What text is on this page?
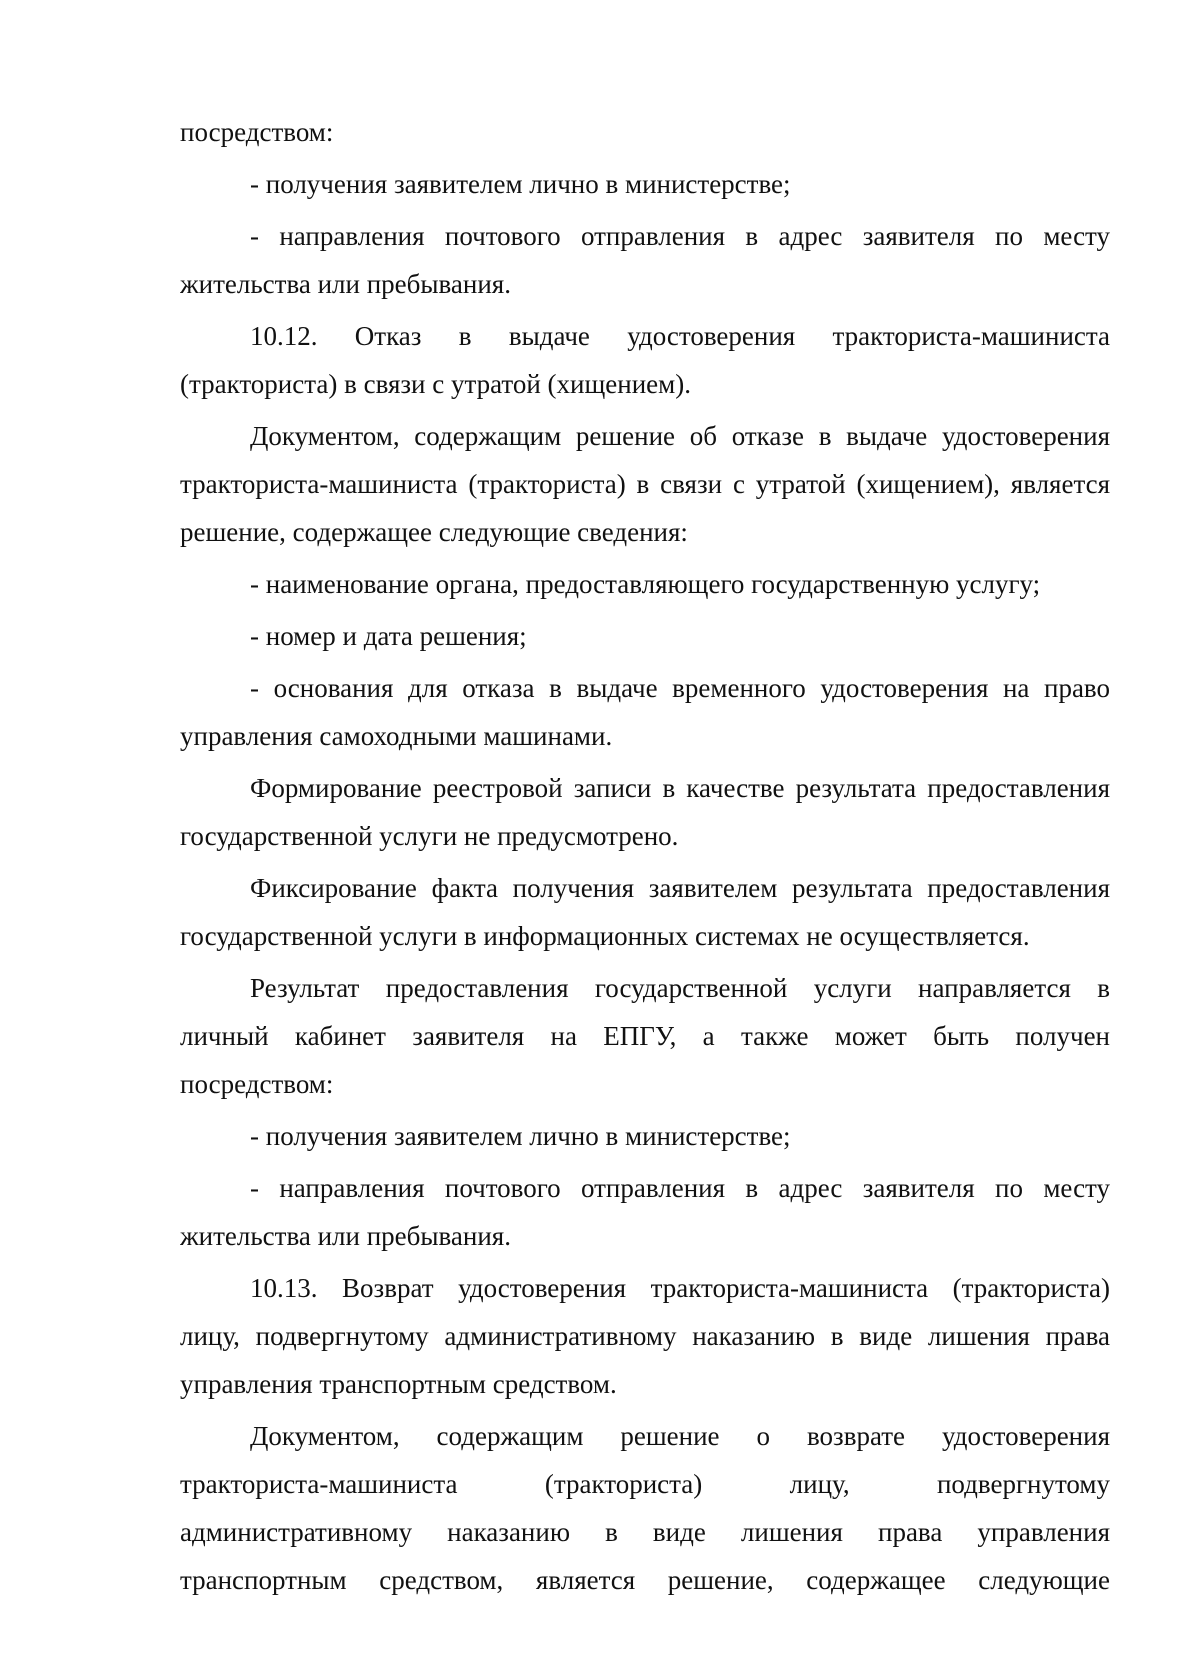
посредством:
- получения заявителем лично в министерстве;
- направления почтового отправления в адрес заявителя по месту
жительства или пребывания.
10.12. Отказ в выдаче удостоверения тракториста-машиниста
(тракториста) в связи с утратой (хищением).
Документом, содержащим решение об отказе в выдаче удостоверения
тракториста-машиниста (тракториста) в связи с утратой (хищением), является
решение, содержащее следующие сведения:
- наименование органа, предоставляющего государственную услугу;
- номер и дата решения;
- основания для отказа в выдаче временного удостоверения на право
управления самоходными машинами.
Формирование реестровой записи в качестве результата предоставления
государственной услуги не предусмотрено.
Фиксирование факта получения заявителем результата предоставления
государственной услуги в информационных системах не осуществляется.
Результат предоставления государственной услуги направляется в
личный кабинет заявителя на ЕПГУ, а также может быть получен
посредством:
- получения заявителем лично в министерстве;
- направления почтового отправления в адрес заявителя по месту
жительства или пребывания.
10.13. Возврат удостоверения тракториста-машиниста (тракториста)
лицу, подвергнутому административному наказанию в виде лишения права
управления транспортным средством.
Документом, содержащим решение о возврате удостоверения
тракториста-машиниста (тракториста) лицу, подвергнутому
административному наказанию в виде лишения права управления
транспортным средством, является решение, содержащее следующие
